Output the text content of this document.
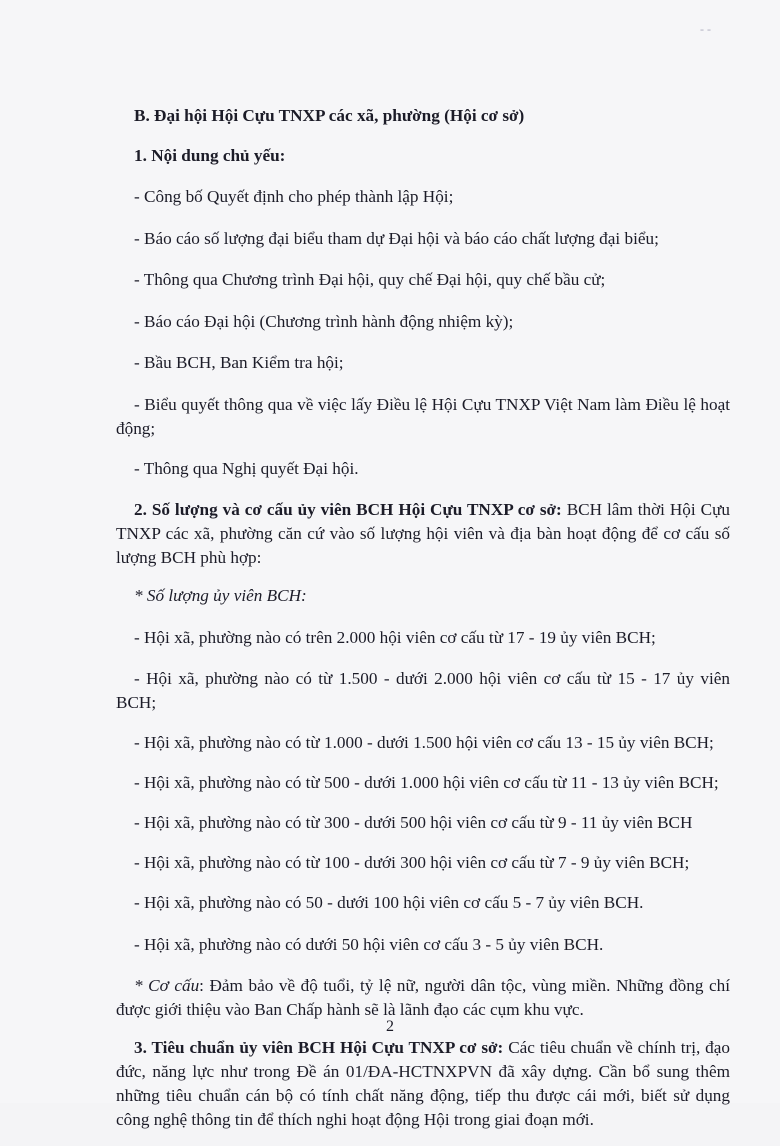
- -

B. Đại hội Hội Cựu TNXP các xã, phường (Hội cơ sở)

1. Nội dung chủ yếu:

- Công bố Quyết định cho phép thành lập Hội;

- Báo cáo số lượng đại biểu tham dự Đại hội và báo cáo chất lượng đại biểu;

- Thông qua Chương trình Đại hội, quy chế Đại hội, quy chế bầu cử;

- Báo cáo Đại hội (Chương trình hành động nhiệm kỳ);

- Bầu BCH, Ban Kiểm tra hội;

- Biểu quyết thông qua về việc lấy Điều lệ Hội Cựu TNXP Việt Nam làm Điều lệ hoạt động;

- Thông qua Nghị quyết Đại hội.

2. Số lượng và cơ cấu ủy viên BCH Hội Cựu TNXP cơ sở: BCH lâm thời Hội Cựu TNXP các xã, phường căn cứ vào số lượng hội viên và địa bàn hoạt động để cơ cấu số lượng BCH phù hợp:

* Số lượng ủy viên BCH:

- Hội xã, phường nào có trên 2.000 hội viên cơ cấu từ 17 - 19 ủy viên BCH;

- Hội xã, phường nào có từ 1.500 - dưới 2.000 hội viên cơ cấu từ 15 - 17 ủy viên BCH;

- Hội xã, phường nào có từ 1.000 - dưới 1.500 hội viên cơ cấu 13 - 15 ủy viên BCH;

- Hội xã, phường nào có từ 500 - dưới 1.000 hội viên cơ cấu từ 11 - 13 ủy viên BCH;

- Hội xã, phường nào có từ 300 - dưới 500 hội viên cơ cấu từ 9 - 11 ủy viên BCH

- Hội xã, phường nào có từ 100 - dưới 300 hội viên cơ cấu từ 7 - 9 ủy viên BCH;

- Hội xã, phường nào có 50 - dưới 100 hội viên cơ cấu 5 - 7 ủy viên BCH.

- Hội xã, phường nào có dưới 50 hội viên cơ cấu 3 - 5 ủy viên BCH.

* Cơ cấu: Đảm bảo về độ tuổi, tỷ lệ nữ, người dân tộc, vùng miền. Những đồng chí được giới thiệu vào Ban Chấp hành sẽ là lãnh đạo các cụm khu vực.

3. Tiêu chuẩn ủy viên BCH Hội Cựu TNXP cơ sở: Các tiêu chuẩn về chính trị, đạo đức, năng lực như trong Đề án 01/ĐA-HCTNXPVN đã xây dựng. Cần bổ sung thêm những tiêu chuẩn cán bộ có tính chất năng động, tiếp thu được cái mới, biết sử dụng công nghệ thông tin để thích nghi hoạt động Hội trong giai đoạn mới.

2
